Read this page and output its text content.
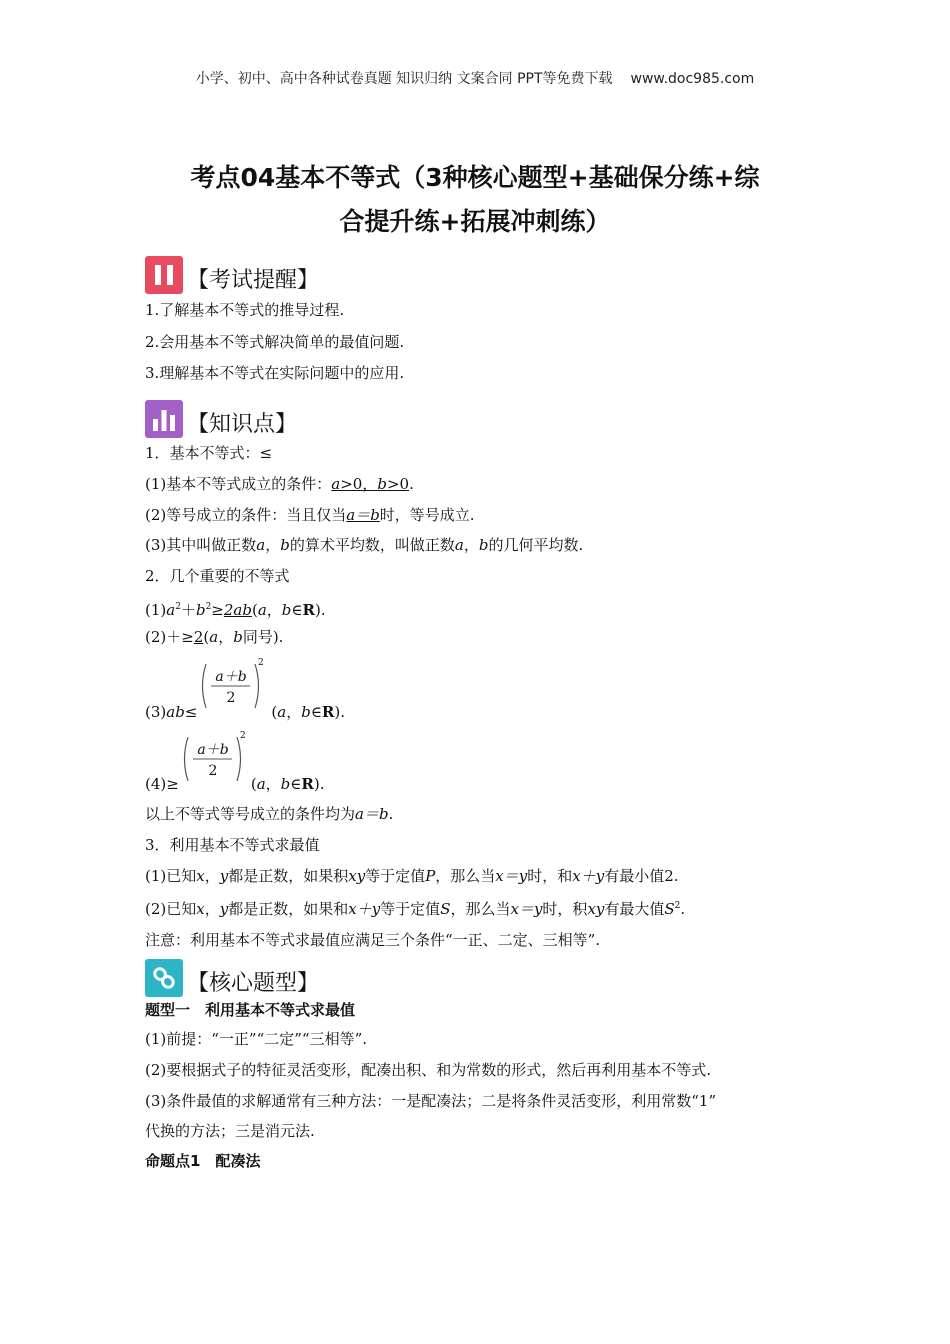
小学、初中、高中各种试卷真题 知识归纳 文案合同 PPT等免费下载 www.doc985.com
考点04基本不等式（3种核心题型+基础保分练+综
合提升练+拓展冲刺练）
【考试提醒】
1.了解基本不等式的推导过程.
2.会用基本不等式解决简单的最值问题.
3.理解基本不等式在实际问题中的应用.
【知识点】
1．基本不等式：≤
(1)基本不等式成立的条件：a>0，b>0.
(2)等号成立的条件：当且仅当a＝b时，等号成立.
(3)其中叫做正数a，b的算术平均数，叫做正数a，b的几何平均数.
2．几个重要的不等式
$(1)a^2+b^2\ge 2ab(a$，b∈R).
(2)＋≥2(a，b同号).
a＋b
2
2
(3)ab≤	(a，b∈R).
a＋b
2
2
(4)≥	(a，b∈R).
以上不等式等号成立的条件均为a＝b.
3．利用基本不等式求最值
(1)已知x，y都是正数，如果积xy等于定值P，那么当x＝y时，和x＋y有最小值2.
(2)已知x，y都是正数，如果和x＋y等于定值S，那么当x＝y时，积xy有最大值$S^2$.
注意：利用基本不等式求最值应满足三个条件“一正、二定、三相等”.
【核心题型】
题型一　利用基本不等式求最值
(1)前提：“一正”“二定”“三相等”.
(2)要根据式子的特征灵活变形，配凑出积、和为常数的形式，然后再利用基本不等式.
(3)条件最值的求解通常有三种方法：一是配凑法；二是将条件灵活变形，利用常数“1”
代换的方法；三是消元法.
命题点1　配凑法
